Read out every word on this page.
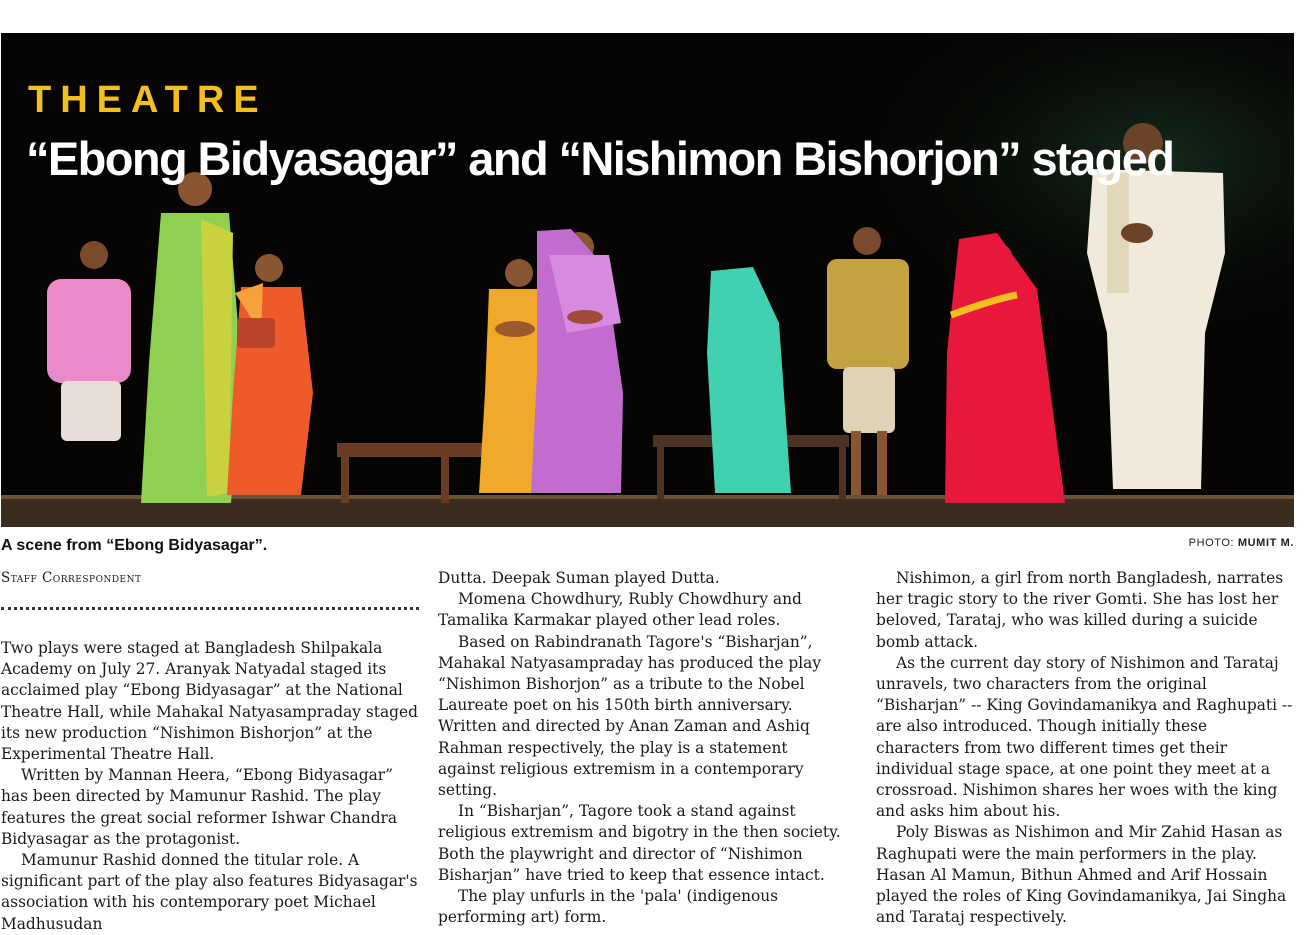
THEATRE
“Ebong Bidyasagar” and “Nishimon Bishorjon” staged
A scene from “Ebong Bidyasagar”.	PHOTO: MUMIT M.
Staff Correspondent

Two plays were staged at Bangladesh Shilpakala Academy on July 27. Aranyak Natyadal staged its acclaimed play “Ebong Bidyasagar” at the National Theatre Hall, while Mahakal Natyasampraday staged its new production “Nishimon Bishorjon” at the Experimental Theatre Hall.

Written by Mannan Heera, “Ebong Bidyasagar” has been directed by Mamunur Rashid. The play features the great social reformer Ishwar Chandra Bidyasagar as the protagonist.

Mamunur Rashid donned the titular role. A significant part of the play also features Bidyasagar's association with his contemporary poet Michael Madhusudan

Dutta. Deepak Suman played Dutta.

Momena Chowdhury, Rubly Chowdhury and Tamalika Karmakar played other lead roles.

Based on Rabindranath Tagore's “Bisharjan”, Mahakal Natyasampraday has produced the play “Nishimon Bishorjon” as a tribute to the Nobel Laureate poet on his 150th birth anniversary. Written and directed by Anan Zaman and Ashiq Rahman respectively, the play is a statement against religious extremism in a contemporary setting.

In “Bisharjan”, Tagore took a stand against religious extremism and bigotry in the then society. Both the playwright and director of “Nishimon Bisharjan” have tried to keep that essence intact.

The play unfurls in the 'pala' (indigenous performing art) form.

Nishimon, a girl from north Bangladesh, narrates her tragic story to the river Gomti. She has lost her beloved, Tarataj, who was killed during a suicide bomb attack.

As the current day story of Nishimon and Tarataj unravels, two characters from the original “Bisharjan” -- King Govindamanikya and Raghupati -- are also introduced. Though initially these characters from two different times get their individual stage space, at one point they meet at a crossroad. Nishimon shares her woes with the king and asks him about his.

Poly Biswas as Nishimon and Mir Zahid Hasan as Raghupati were the main performers in the play. Hasan Al Mamun, Bithun Ahmed and Arif Hossain played the roles of King Govindamanikya, Jai Singha and Tarataj respectively.
